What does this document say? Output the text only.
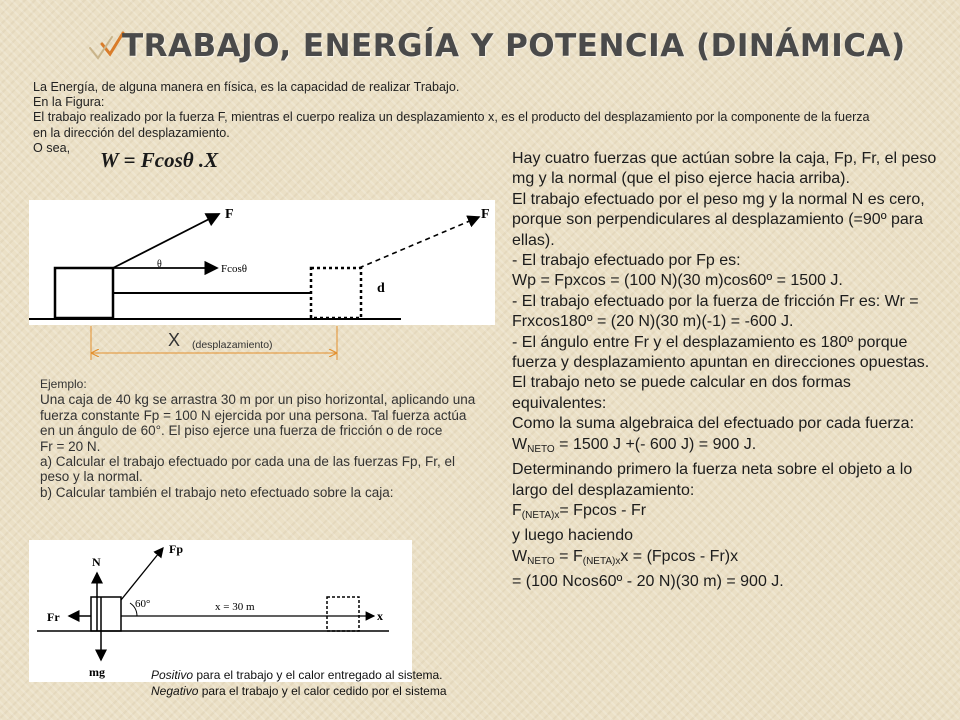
TRABAJO, ENERGÍA Y POTENCIA (DINÁMICA)

La Energía, de alguna manera en física, es la capacidad de realizar Trabajo.

En la Figura:

El trabajo realizado por la fuerza F, mientras el cuerpo realiza un desplazamiento x, es el producto del desplazamiento por la componente de la fuerza en la dirección del desplazamiento.

O sea,

W = Fcosθ .X
F	F
θ	Fcosθ
d
X (desplazamiento)

Ejemplo:

Una caja de 40 kg se arrastra 30 m por un piso horizontal, aplicando una fuerza constante Fp = 100 N ejercida por una persona. Tal fuerza actúa en un ángulo de 60°. El piso ejerce una fuerza de fricción o de roce

Fr = 20 N.

a) Calcular el trabajo efectuado por cada una de las fuerzas Fp, Fr, el peso y la normal.

b) Calcular también el trabajo neto efectuado sobre la caja:

N
Fp
60°	x = 30 m
Fr
mg
x

Positivo para el trabajo y el calor entregado al sistema.

Negativo para el trabajo y el calor cedido por el sistema

Hay cuatro fuerzas que actúan sobre la caja, Fp, Fr, el peso mg y la normal (que el piso ejerce hacia arriba).

El trabajo efectuado por el peso mg y la normal N es cero, porque son perpendiculares al desplazamiento (=90º para ellas).

- El trabajo efectuado por Fp es:

Wp = Fpxcos = (100 N)(30 m)cos60º = 1500 J.

- El trabajo efectuado por la fuerza de fricción Fr es: Wr = Frxcos180º = (20 N)(30 m)(-1) = -600 J.

- El ángulo entre Fr y el desplazamiento es 180º porque fuerza y desplazamiento apuntan en direcciones opuestas.

El trabajo neto se puede calcular en dos formas equivalentes:

Como la suma algebraica del efectuado por cada fuerza:

$W_{NETO} = 1500$ J +(- 600 J) = 900 J.

Determinando primero la fuerza neta sobre el objeto a lo largo del desplazamiento:

$F_{(NETA)x}= Fpcos - Fr$

y luego haciendo

$W_{NETO} = F_{(NETA)x}x = (Fpcos - Fr)x$

= (100 Ncos60º - 20 N)(30 m) = 900 J.
